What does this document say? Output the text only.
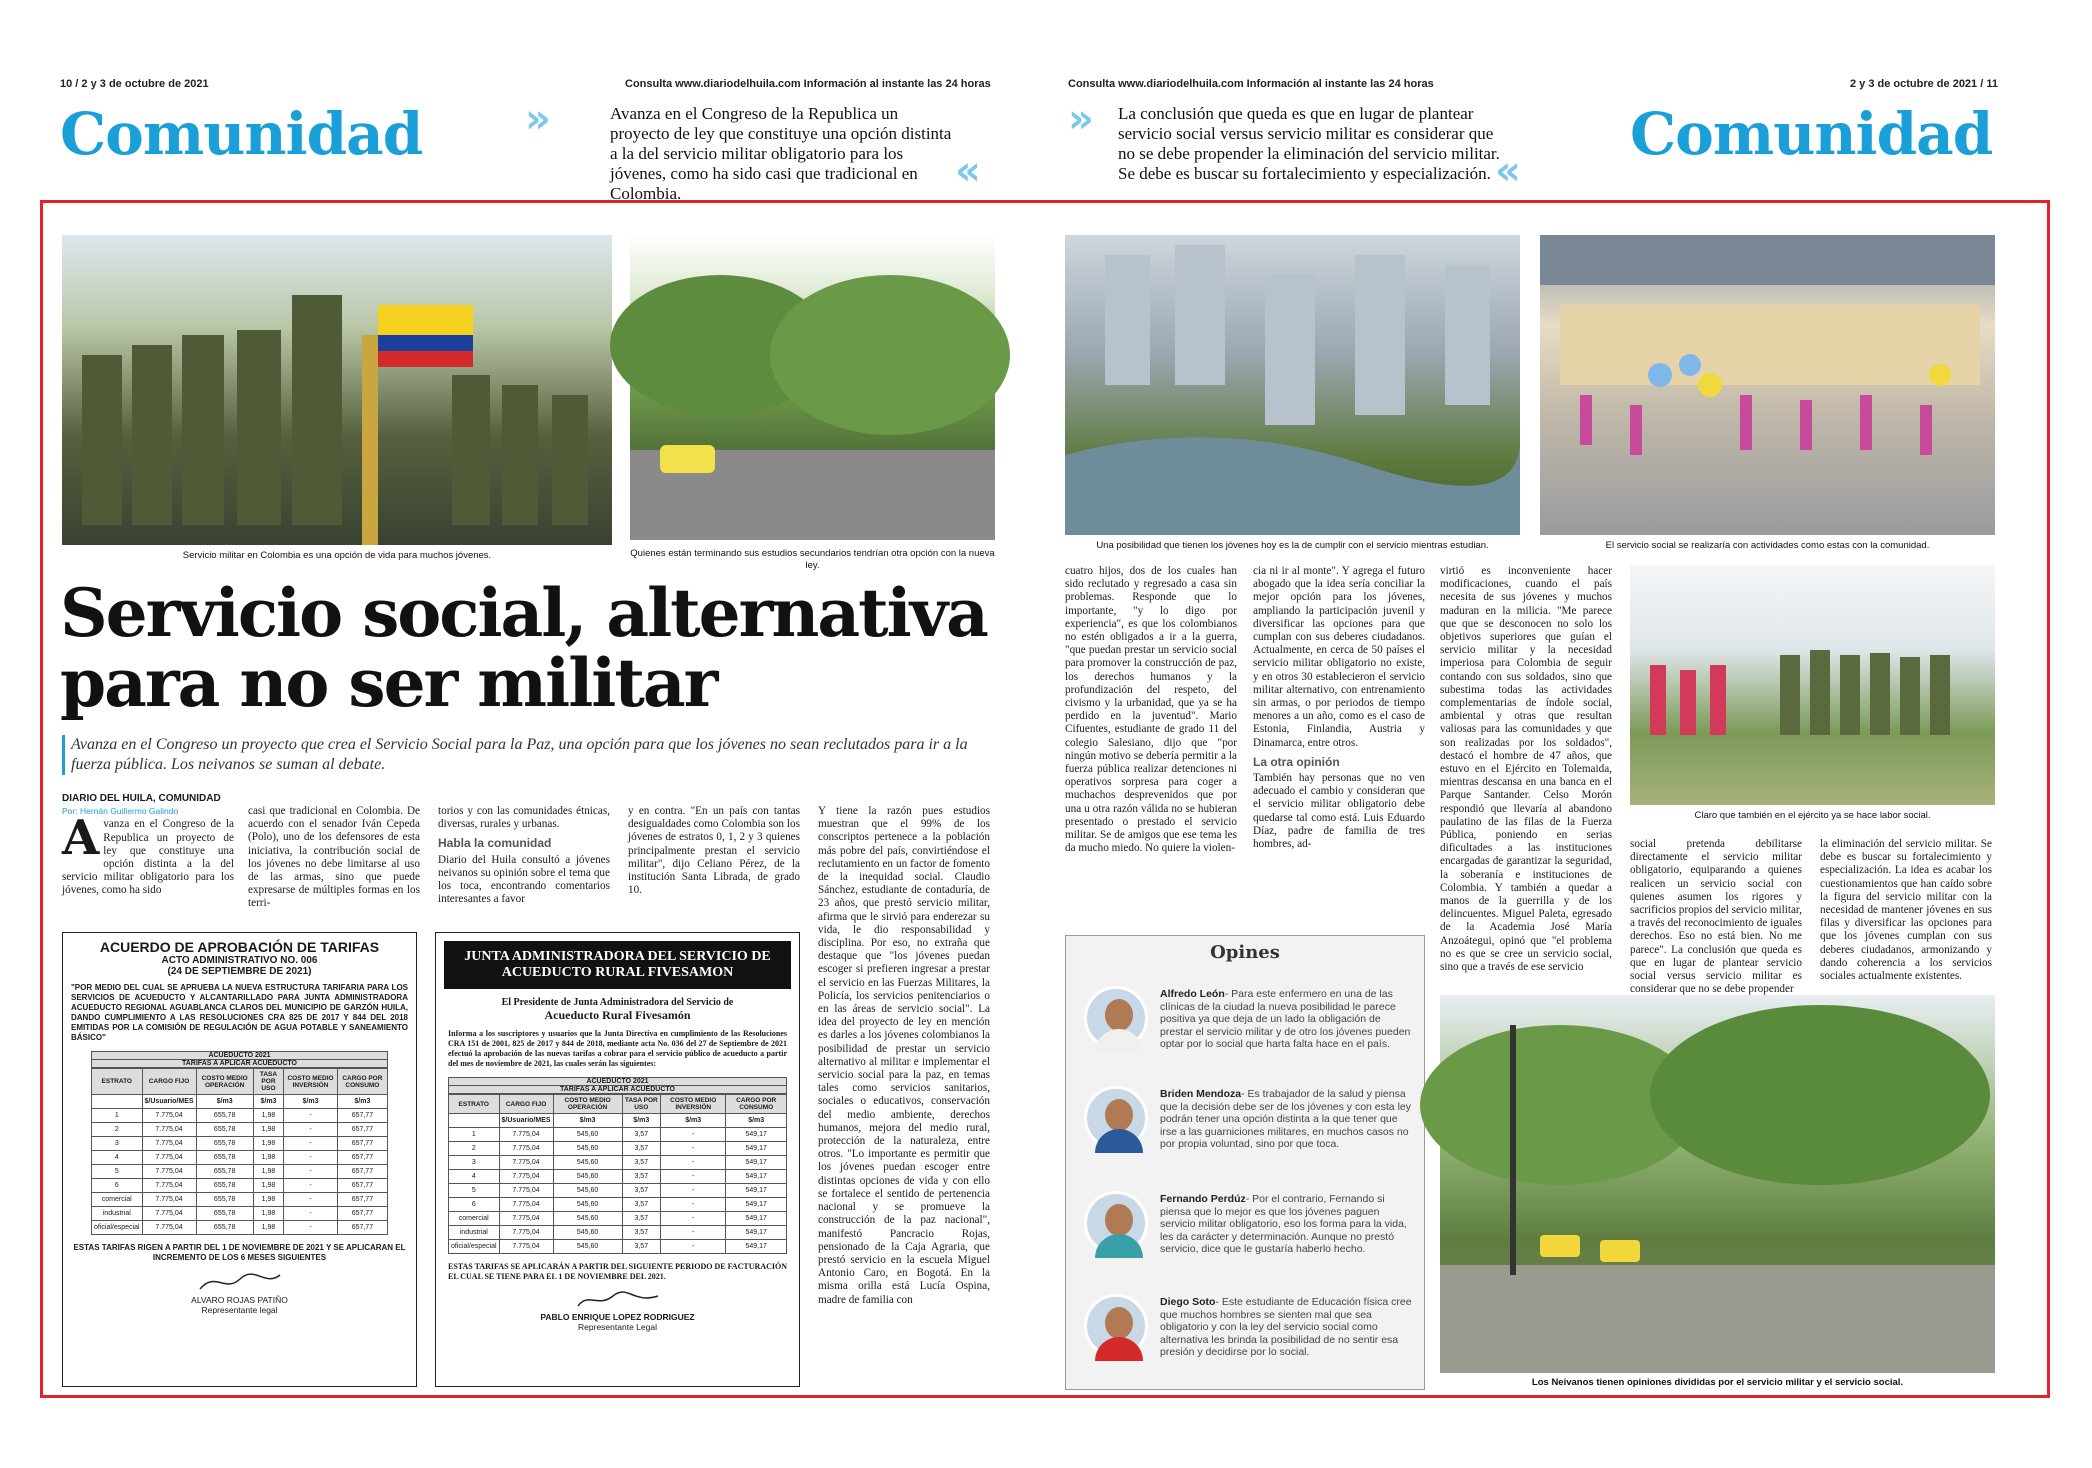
10 / 2 y 3 de octubre de 2021	Consulta www.diariodelhuila.com Información al instante las 24 horas
Comunidad	»	Avanza en el Congreso de la Republica un proyecto de ley que constituye una opción distinta a la del servicio militar obligatorio para los jóvenes, como ha sido casi que tradicional en Colombia.	«
Consulta www.diariodelhuila.com Información al instante las 24 horas	2 y 3 de octubre de 2021 / 11
» La conclusión que queda es que en lugar de plantear servicio social versus servicio militar es considerar que no se debe propender la eliminación del servicio militar. Se debe es buscar su fortalecimiento y especialización. «
Comunidad
Servicio militar en Colombia es una opción de vida para muchos jóvenes.	Quienes están terminando sus estudios secundarios tendrían otra opción con la nueva ley.
Servicio social, alternativa
para no ser militar
Avanza en el Congreso un proyecto que crea el Servicio Social para la Paz, una opción para que los jóvenes no sean reclutados para ir a la fuerza pública. Los neivanos se suman al debate.
DIARIO DEL HUILA, COMUNIDAD
Por: Hernán Guillermo Galindo
A vanza en el Congreso de la Republica un proyecto de ley que constituye una opción distinta a la del servicio militar obligatorio para los jóvenes, como ha sido
casi que tradicional en Colombia. De acuerdo con el senador Iván Cepeda (Polo), uno de los defensores de esta iniciativa, la contribución social de los jóvenes no debe limitarse al uso de las armas, sino que puede expresarse de múltiples formas en los terri-
torios y con las comunidades étnicas, diversas, rurales y urbanas.
Habla la comunidad
Diario del Huila consultó a jóvenes neivanos su opinión sobre el tema que los toca, encontrando comentarios interesantes a favor
y en contra. "En un país con tantas desigualdades como Colombia son los jóvenes de estratos 0, 1, 2 y 3 quienes principalmente prestan el servicio militar", dijo Celiano Pérez, de la institución Santa Librada, de grado 10.
Y tiene la razón pues estudios muestran que el 99% de los conscriptos pertenece a la población más pobre del país, convirtiéndose el reclutamiento en un factor de fomento de la inequidad social. Claudio Sánchez, estudiante de contaduría, de 23 años, que prestó servicio militar, afirma que le sirvió para enderezar su vida, le dio responsabilidad y disciplina. Por eso, no extraña que destaque que "los jóvenes puedan escoger si prefieren ingresar a prestar el servicio en las Fuerzas Militares, la Policía, los servicios penitenciarios o en las áreas de servicio social". La idea del proyecto de ley en mención es darles a los jóvenes colombianos la posibilidad de prestar un servicio alternativo al militar e implementar el servicio social para la paz, en temas tales como servicios sanitarios, sociales o educativos, conservación del medio ambiente, derechos humanos, mejora del medio rural, protección de la naturaleza, entre otros. "Lo importante es permitir que los jóvenes puedan escoger entre distintas opciones de vida y con ello se fortalece el sentido de pertenencia nacional y se promueve la construcción de la paz nacional", manifestó Pancracio Rojas, pensionado de la Caja Agraria, que prestó servicio en la escuela Miguel Antonio Caro, en Bogotá. En la misma orilla está Lucía Ospina, madre de familia con
ACUERDO DE APROBACIÓN DE TARIFAS
ACTO ADMINISTRATIVO NO. 006
(24 DE SEPTIEMBRE DE 2021)
"POR MEDIO DEL CUAL SE APRUEBA LA NUEVA ESTRUCTURA TARIFARIA PARA LOS SERVICIOS DE ACUEDUCTO Y ALCANTARILLADO PARA JUNTA ADMINISTRADORA ACUEDUCTO REGIONAL AGUABLANCA CLAROS DEL MUNICIPIO DE GARZÓN HUILA, DANDO CUMPLIMIENTO A LAS RESOLUCIONES CRA 825 DE 2017 Y 844 DEL 2018 EMITIDAS POR LA COMISIÓN DE REGULACIÓN DE AGUA POTABLE Y SANEAMIENTO BÁSICO"
ACUEDUCTO 2021
TARIFAS A APLICAR ACUEDUCTO
ESTRATO	CARGO FIJO	COSTO MEDIO OPERACIÓN	TASA POR USO	COSTO MEDIO INVERSIÓN	CARGO POR CONSUMO
	$/Usuario/MES	$/m3	$/m3	$/m3	$/m3
1	7.775,04	655,78	1,98	-	657,77
2	7.775,04	655,78	1,98	-	657,77
3	7.775,04	655,78	1,98	-	657,77
4	7.775,04	655,78	1,98	-	657,77
5	7.775,04	655,78	1,98	-	657,77
6	7.775,04	655,78	1,98	-	657,77
comercial	7.775,04	655,78	1,98	-	657,77
industrial	7.775,04	655,78	1,98	-	657,77
oficial/especial	7.775,04	655,78	1,98	-	657,77
ESTAS TARIFAS RIGEN A PARTIR DEL 1 DE NOVIEMBRE DE 2021 Y SE APLICARAN EL INCREMENTO DE LOS 6 MESES SIGUIENTES
ALVARO ROJAS PATIÑO
Representante legal
JUNTA ADMINISTRADORA DEL SERVICIO DE ACUEDUCTO RURAL FIVESAMON
El Presidente de Junta Administradora del Servicio de
Acueducto Rural Fivesamón
Informa a los suscriptores y usuarios que la Junta Directiva en cumplimiento de las Resoluciones CRA 151 de 2001, 825 de 2017 y 844 de 2018, mediante acta No. 036 del 27 de Septiembre de 2021 efectuó la aprobación de las nuevas tarifas a cobrar para el servicio público de acueducto a partir del mes de noviembre de 2021, las cuales serán las siguientes:
ACUEDUCTO 2021
TARIFAS A APLICAR ACUEDUCTO
ESTRATO	CARGO FIJO	COSTO MEDIO OPERACIÓN	TASA POR USO	COSTO MEDIO INVERSIÓN	CARGO POR CONSUMO
	$/Usuario/MES	$/m3	$/m3	$/m3	$/m3
1	7.775,04	545,60	3,57	-	549,17
2	7.775,04	545,60	3,57	-	549,17
3	7.775,04	545,60	3,57	-	549,17
4	7.775,04	545,60	3,57	-	549,17
5	7.775,04	545,60	3,57	-	549,17
6	7.775,04	545,60	3,57	-	549,17
comercial	7.775,04	545,60	3,57	-	549,17
industrial	7.775,04	545,60	3,57	-	549,17
oficial/especial	7.775,04	545,60	3,57	-	549,17
ESTAS TARIFAS SE APLICARÁN A PARTIR DEL SIGUIENTE PERIODO DE FACTURACIÓN EL CUAL SE TIENE PARA EL 1 DE NOVIEMBRE DEL 2021.
PABLO ENRIQUE LOPEZ RODRIGUEZ
Representante Legal
Una posibilidad que tienen los jóvenes hoy es la de cumplir con el servicio mientras estudian.	El servicio social se realizaría con actividades como estas con la comunidad.
Claro que también en el ejército ya se hace labor social.
cuatro hijos, dos de los cuales han sido reclutado y regresado a casa sin problemas. Responde que lo importante, "y lo digo por experiencia", es que los colombianos no estén obligados a ir a la guerra, "que puedan prestar un servicio social para promover la construcción de paz, los derechos humanos y la profundización del respeto, del civismo y la urbanidad, que ya se ha perdido en la juventud". Mario Cifuentes, estudiante de grado 11 del colegio Salesiano, dijo que "por ningún motivo se debería permitir a la fuerza pública realizar detenciones ni operativos sorpresa para coger a muchachos desprevenidos que por una u otra razón válida no se hubieran presentado o prestado el servicio militar. Se de amigos que ese tema les da mucho miedo. No quiere la violen-
cia ni ir al monte". Y agrega el futuro abogado que la idea sería conciliar la mejor opción para los jóvenes, ampliando la participación juvenil y diversificar las opciones para que cumplan con sus deberes ciudadanos. Actualmente, en cerca de 50 países el servicio militar obligatorio no existe, y en otros 30 establecieron el servicio militar alternativo, con entrenamiento sin armas, o por periodos de tiempo menores a un año, como es el caso de Estonia, Finlandia, Austria y Dinamarca, entre otros.
La otra opinión
También hay personas que no ven adecuado el cambio y consideran que el servicio militar obligatorio debe quedarse tal como está. Luis Eduardo Díaz, padre de familia de tres hombres, ad-
virtió es inconveniente hacer modificaciones, cuando el país necesita de sus jóvenes y muchos maduran en la milicia. "Me parece que que se desconocen no solo los objetivos superiores que guían el servicio militar y la necesidad imperiosa para Colombia de seguir contando con sus soldados, sino que subestima todas las actividades complementarias de índole social, ambiental y otras que resultan valiosas para las comunidades y que son realizadas por los soldados", destacó el hombre de 47 años, que estuvo en el Ejército en Tolemaida, mientras descansa en una banca en el Parque Santander. Celso Morón respondió que llevaría al abandono paulatino de las filas de la Fuerza Pública, poniendo en serias dificultades a las instituciones encargadas de garantizar la seguridad, la soberanía e instituciones de Colombia. Y también a quedar a manos de la guerrilla y de los delincuentes. Miguel Paleta, egresado de la Academia José María Anzoátegui, opinó que "el problema no es que se cree un servicio social, sino que a través de ese servicio
social pretenda debilitarse directamente el servicio militar obligatorio, equiparando a quienes realicen un servicio social con quienes asumen los rigores y sacrificios propios del servicio militar, a través del reconocimiento de iguales derechos. Eso no está bien. No me parece". La conclusión que queda es que en lugar de plantear servicio social versus servicio militar es considerar que no se debe propender
la eliminación del servicio militar. Se debe es buscar su fortalecimiento y especialización. La idea es acabar los cuestionamientos que han caído sobre la figura del servicio militar con la necesidad de mantener jóvenes en sus filas y diversificar las opciones para que los jóvenes cumplan con sus deberes ciudadanos, armonizando y dando coherencia a los servicios sociales actualmente existentes.
Opines
Alfredo León- Para este enfermero en una de las clínicas de la ciudad la nueva posibilidad le parece positiva ya que deja de un lado la obligación de prestar el servicio militar y de otro los jóvenes pueden optar por lo social que harta falta hace en el país.
Briden Mendoza- Es trabajador de la salud y piensa que la decisión debe ser de los jóvenes y con esta ley podrán tener una opción distinta a la que tener que irse a las guarniciones militares, en muchos casos no por propia voluntad, sino por que toca.
Fernando Perdúz- Por el contrario, Fernando si piensa que lo mejor es que los jóvenes paguen servicio militar obligatorio, eso los forma para la vida, les da carácter y determinación. Aunque no prestó servicio, dice que le gustaría haberlo hecho.
Diego Soto- Este estudiante de Educación física cree que muchos hombres se sienten mal que sea obligatorio y con la ley del servicio social como alternativa les brinda la posibilidad de no sentir esa presión y decidirse por lo social.
Los Neivanos tienen opiniones divididas por el servicio militar y el servicio social.
